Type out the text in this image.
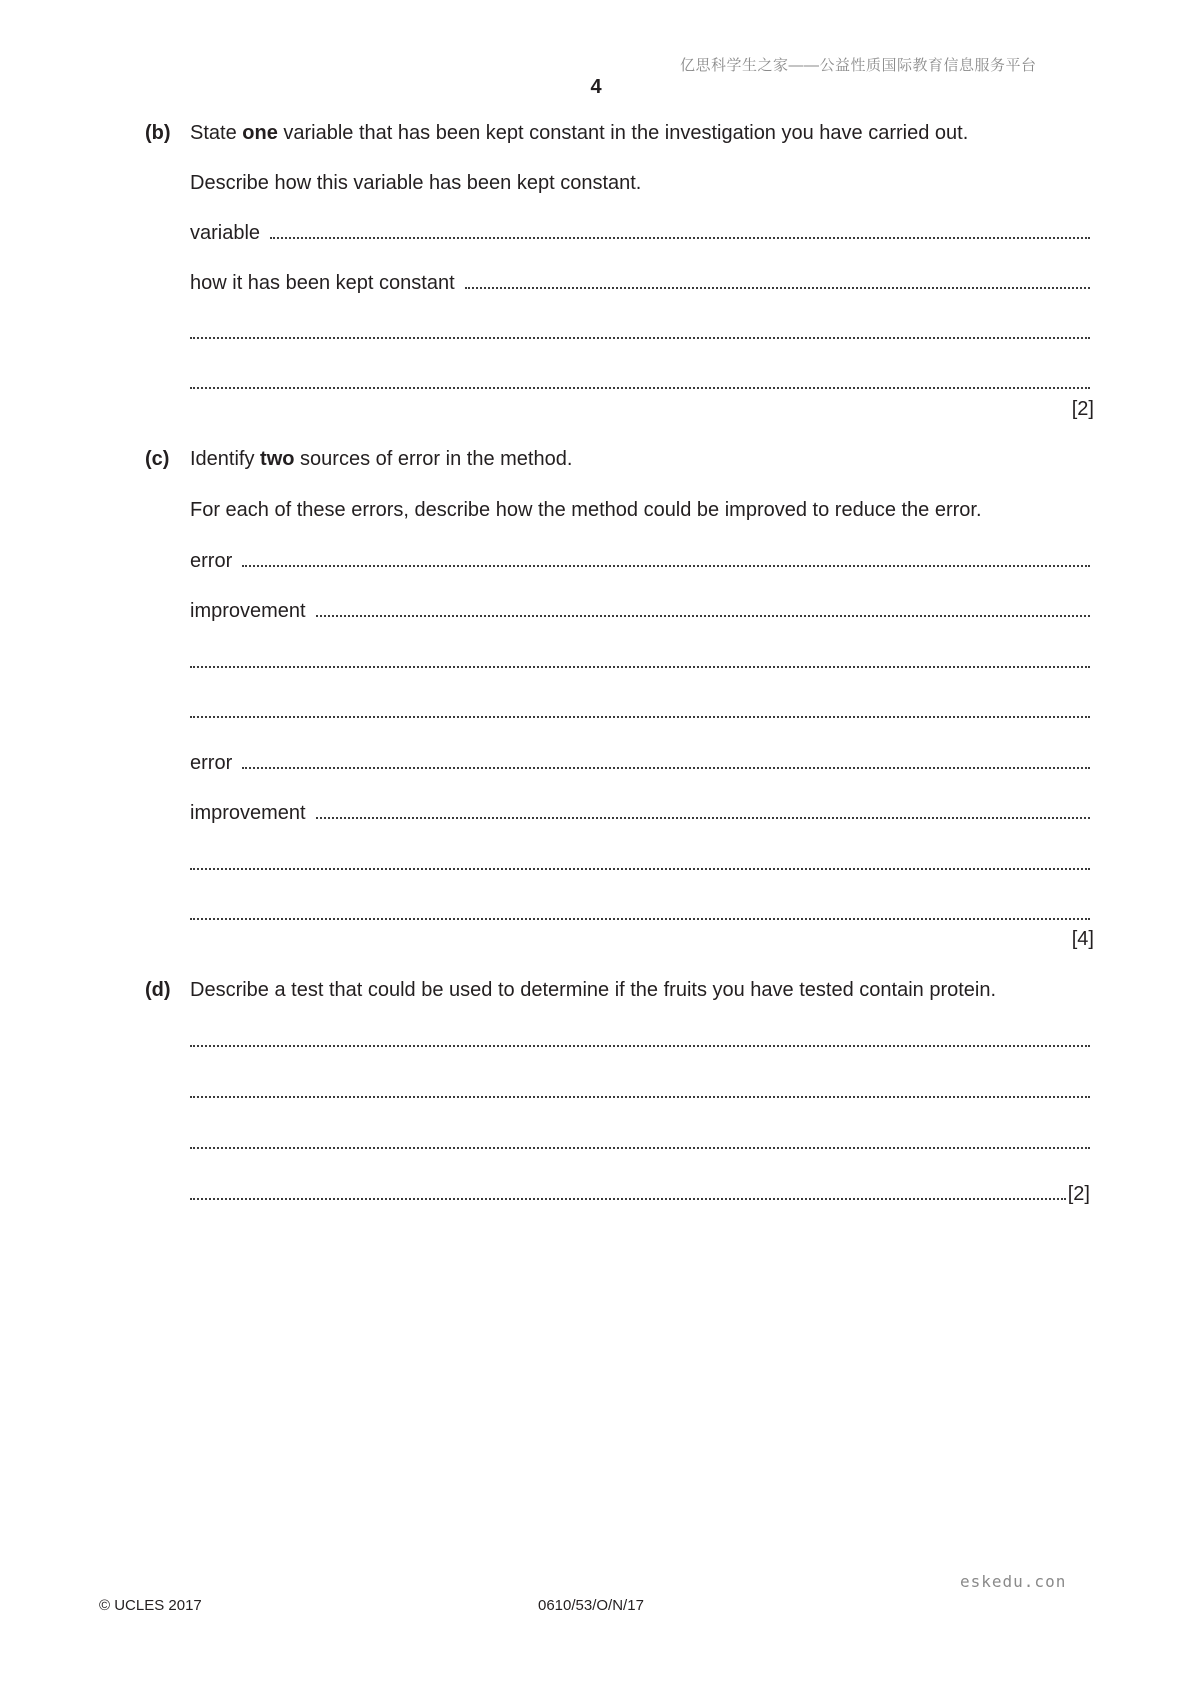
亿思科学生之家——公益性质国际教育信息服务平台
4
(b) State one variable that has been kept constant in the investigation you have carried out.
Describe how this variable has been kept constant.
variable
how it has been kept constant
[2]
(c)	Identify two sources of error in the method.
For each of these errors, describe how the method could be improved to reduce the error.
error
improvement
error
improvement
[4]
(d) Describe a test that could be used to determine if the fruits you have tested contain protein.
[2]
eskedu.con
© UCLES 2017	0610/53/O/N/17
